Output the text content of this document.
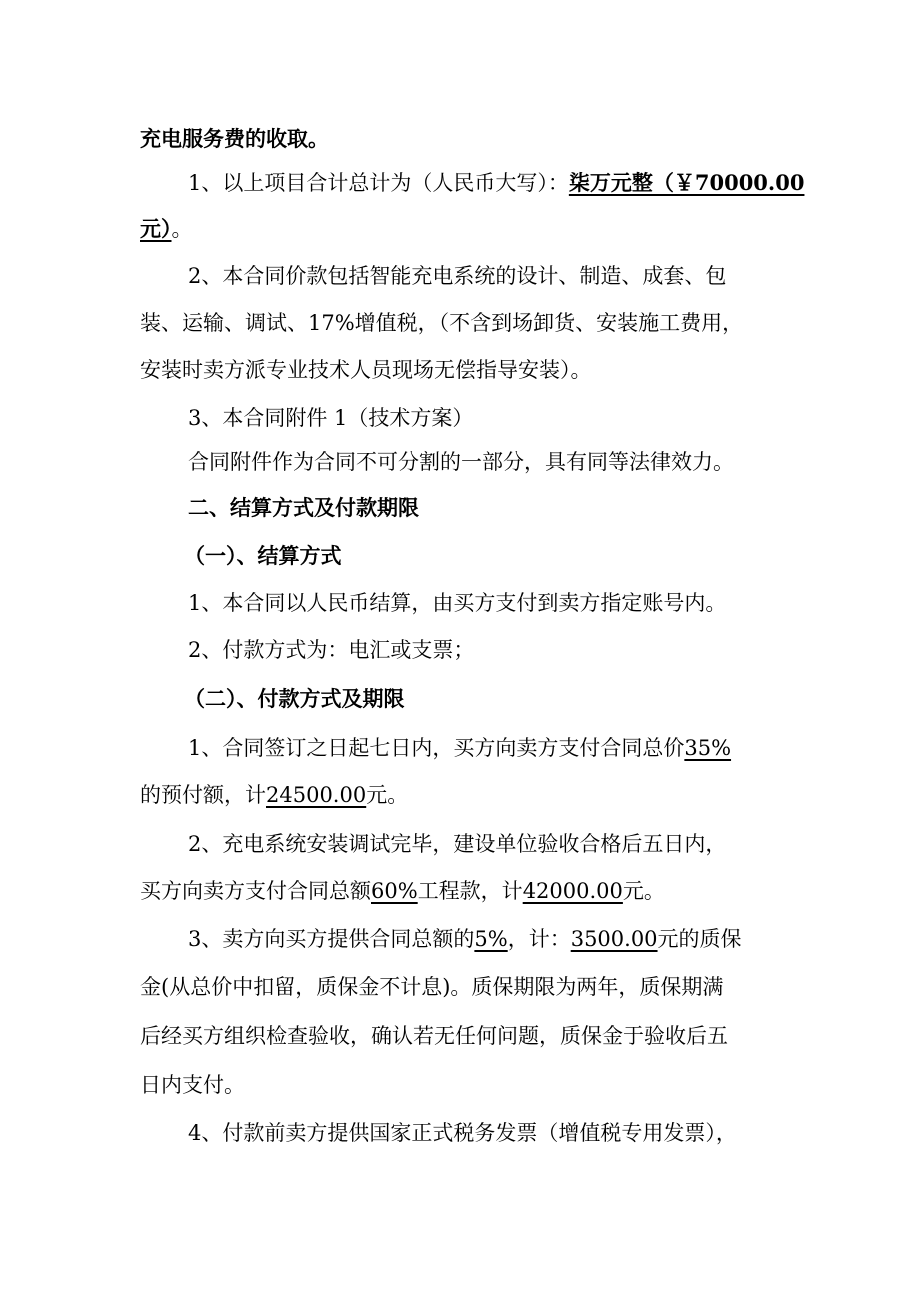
充电服务费的收取。
1、以上项目合计总计为（人民币大写）：柒万元整（￥70000.00
元）。
2、本合同价款包括智能充电系统的设计、制造、成套、包
装、运输、调试、17%增值税，（不含到场卸货、安装施工费用，
安装时卖方派专业技术人员现场无偿指导安装）。
3、本合同附件 1（技术方案）
合同附件作为合同不可分割的一部分，具有同等法律效力。
二、结算方式及付款期限
（一）、结算方式
1、本合同以人民币结算，由买方支付到卖方指定账号内。
2、付款方式为：电汇或支票；
（二）、付款方式及期限
1、合同签订之日起七日内，买方向卖方支付合同总价35%
的预付额，计24500.00元。
2、充电系统安装调试完毕，建设单位验收合格后五日内，
买方向卖方支付合同总额60%工程款，计42000.00元。
3、卖方向买方提供合同总额的5%，计：3500.00元的质保
金(从总价中扣留，质保金不计息)。质保期限为两年，质保期满
后经买方组织检查验收，确认若无任何问题，质保金于验收后五
日内支付。
4、付款前卖方提供国家正式税务发票（增值税专用发票），
